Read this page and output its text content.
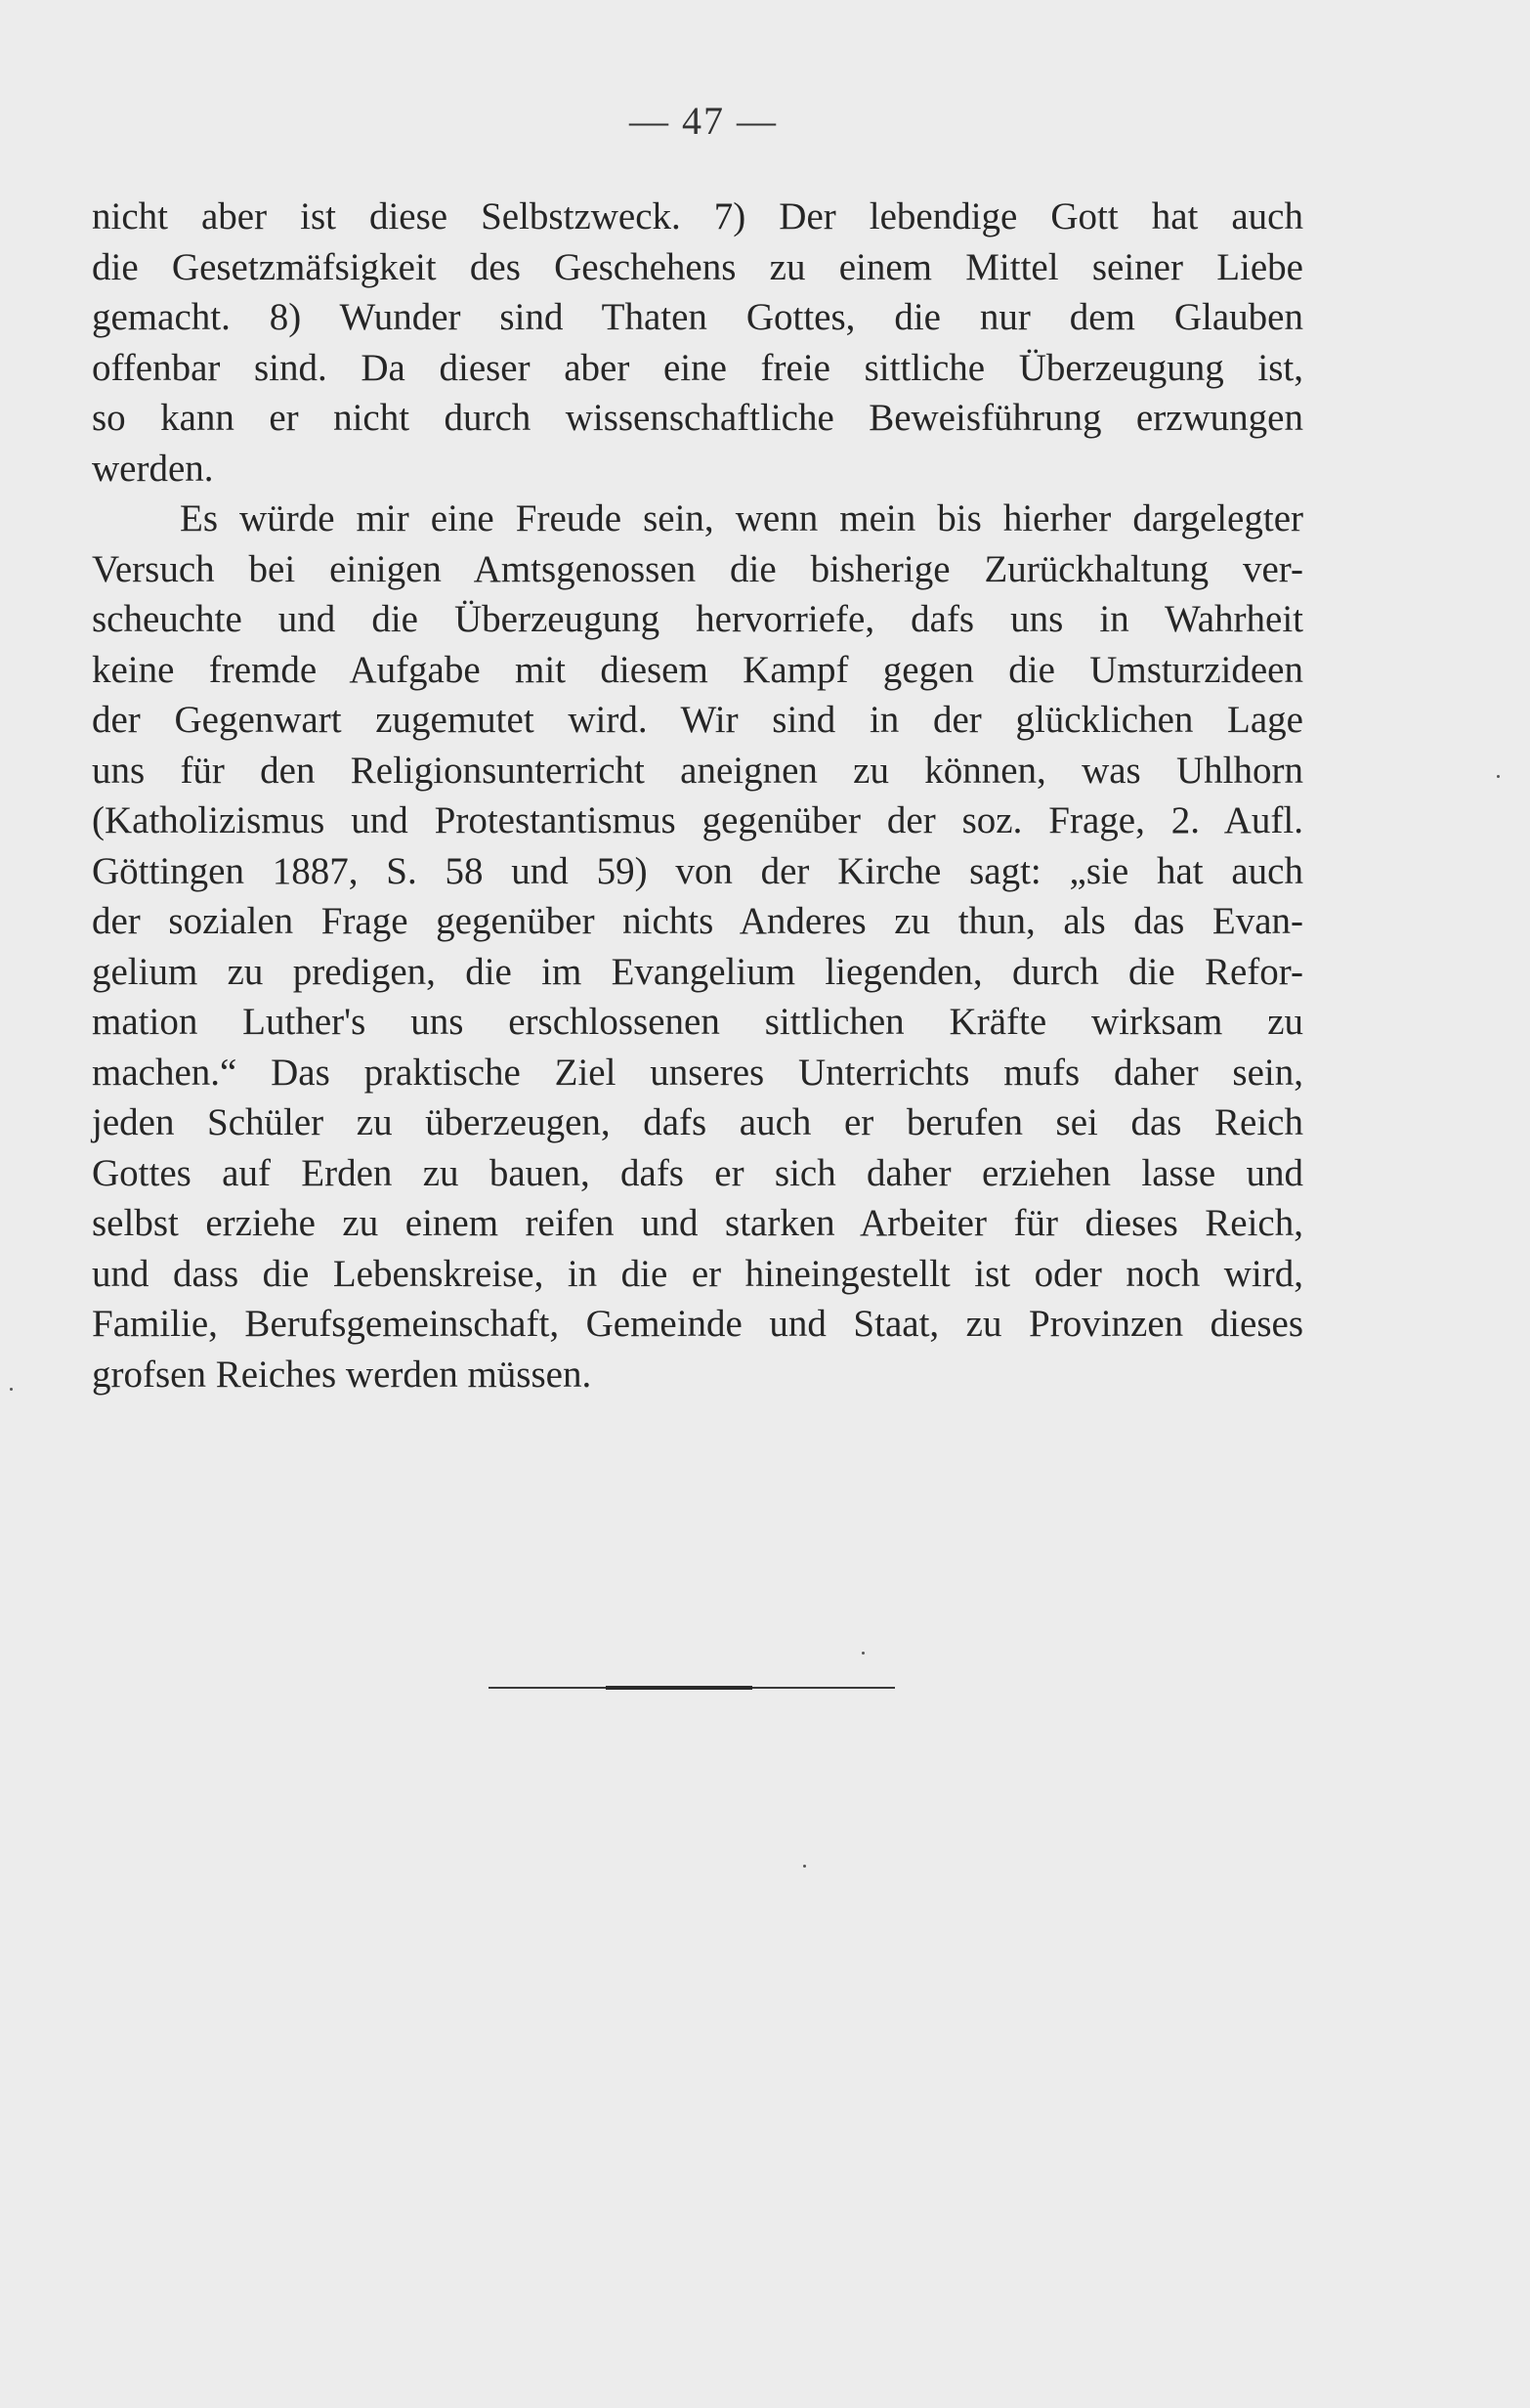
— 47 —
nicht aber ist diese Selbstzweck. 7) Der lebendige Gott hat auch
die Gesetzmäfsigkeit des Geschehens zu einem Mittel seiner Liebe
gemacht. 8) Wunder sind Thaten Gottes, die nur dem Glauben
offenbar sind. Da dieser aber eine freie sittliche Überzeugung ist,
so kann er nicht durch wissenschaftliche Beweisführung erzwungen
werden.
Es würde mir eine Freude sein, wenn mein bis hierher dargelegter
Versuch bei einigen Amtsgenossen die bisherige Zurückhaltung ver-
scheuchte und die Überzeugung hervorriefe, dafs uns in Wahrheit
keine fremde Aufgabe mit diesem Kampf gegen die Umsturzideen
der Gegenwart zugemutet wird. Wir sind in der glücklichen Lage
uns für den Religionsunterricht aneignen zu können, was Uhlhorn
(Katholizismus und Protestantismus gegenüber der soz. Frage, 2. Aufl.
Göttingen 1887, S. 58 und 59) von der Kirche sagt: „sie hat auch
der sozialen Frage gegenüber nichts Anderes zu thun, als das Evan-
gelium zu predigen, die im Evangelium liegenden, durch die Refor-
mation Luther's uns erschlossenen sittlichen Kräfte wirksam zu
machen.“ Das praktische Ziel unseres Unterrichts mufs daher sein,
jeden Schüler zu überzeugen, dafs auch er berufen sei das Reich
Gottes auf Erden zu bauen, dafs er sich daher erziehen lasse und
selbst erziehe zu einem reifen und starken Arbeiter für dieses Reich,
und dass die Lebenskreise, in die er hineingestellt ist oder noch wird,
Familie, Berufsgemeinschaft, Gemeinde und Staat, zu Provinzen dieses
grofsen Reiches werden müssen.
